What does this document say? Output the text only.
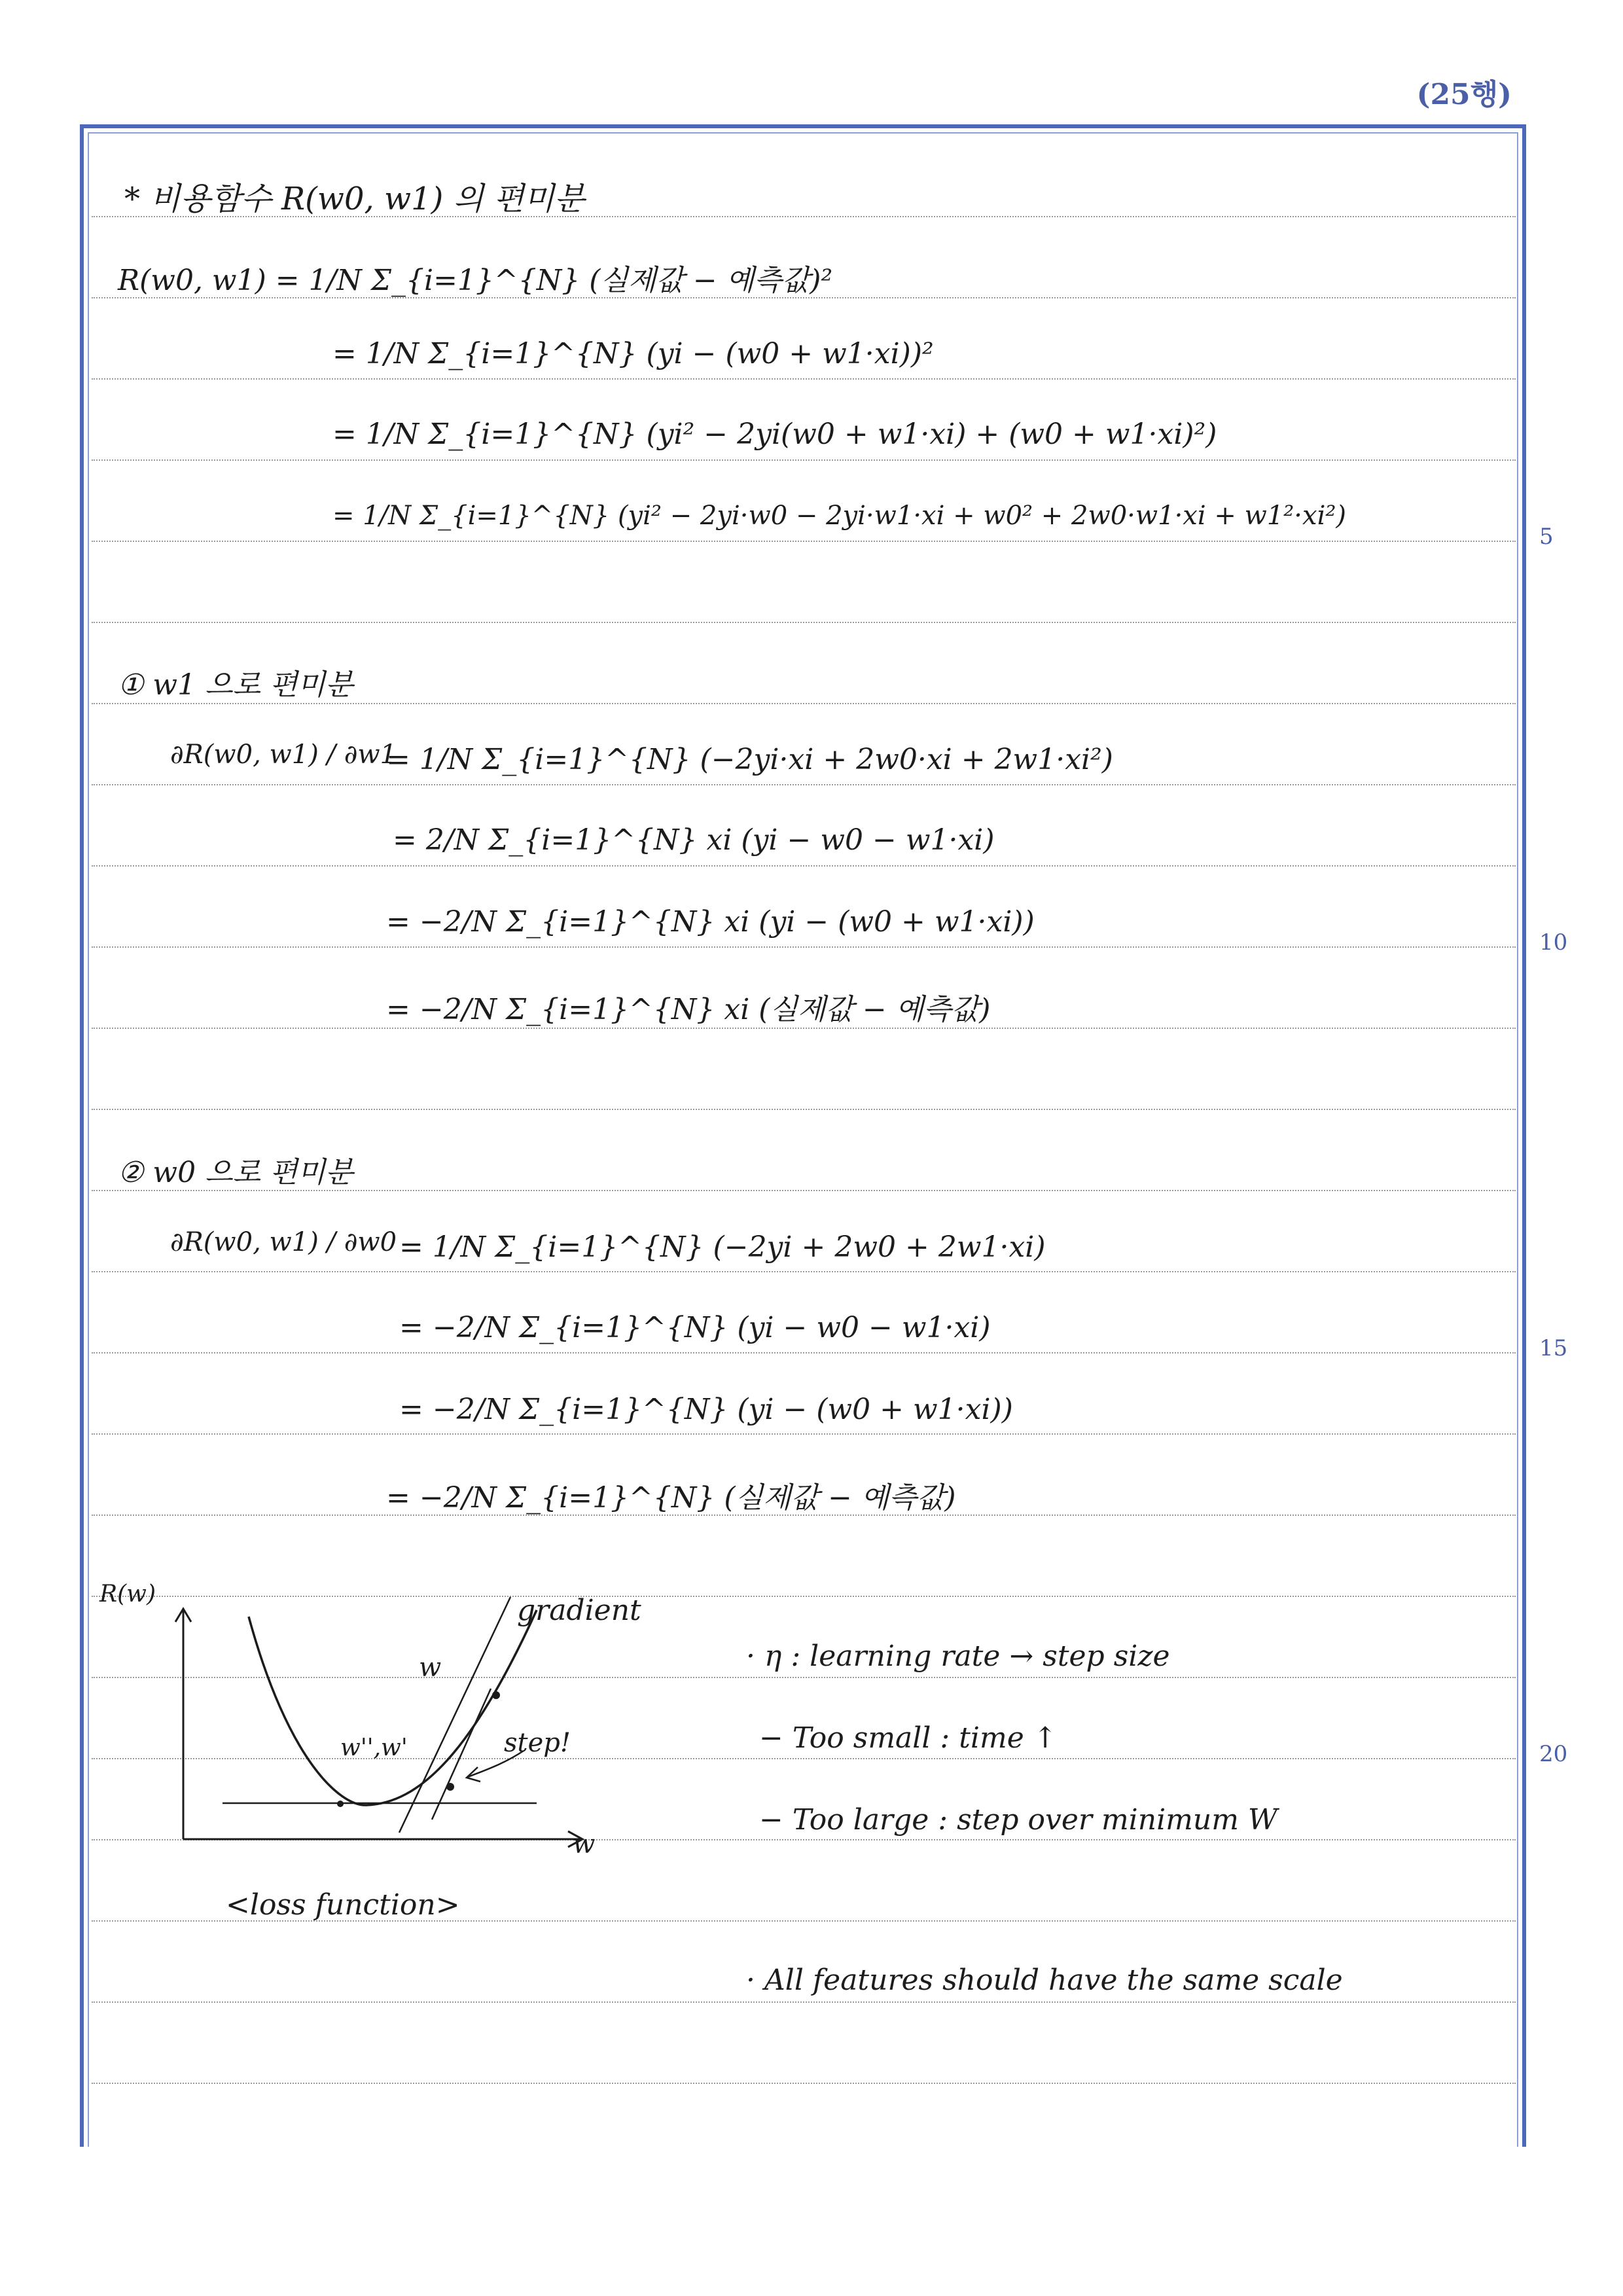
(25행)
5
10
15
20
* 비용함수 R(w0, w1) 의 편미분
R(w0, w1) = 1/N Σ_{i=1}^{N} (실제값 − 예측값)²
= 1/N Σ_{i=1}^{N} (yi − (w0 + w1·xi))²
= 1/N Σ_{i=1}^{N} (yi² − 2yi(w0 + w1·xi) + (w0 + w1·xi)²)
= 1/N Σ_{i=1}^{N} (yi² − 2yi·w0 − 2yi·w1·xi + w0² + 2w0·w1·xi + w1²·xi²)
① w1 으로 편미분
∂R(w0, w1) / ∂w1
= 1/N Σ_{i=1}^{N} (−2yi·xi + 2w0·xi + 2w1·xi²)
= 2/N Σ_{i=1}^{N} xi (yi − w0 − w1·xi)
= −2/N Σ_{i=1}^{N} xi (yi − (w0 + w1·xi))
= −2/N Σ_{i=1}^{N} xi (실제값 − 예측값)
② w0 으로 편미분
∂R(w0, w1) / ∂w0 = 1/N Σ_{i=1}^{N} (−2yi + 2w0 + 2w1·xi)
= −2/N Σ_{i=1}^{N} (yi − w0 − w1·xi)
= −2/N Σ_{i=1}^{N} (yi − (w0 + w1·xi))
= −2/N Σ_{i=1}^{N} (실제값 − 예측값)
R(w)
w
gradient
w
w'',w'	step!
<loss function>
· η : learning rate → step size
− Too small : time ↑
− Too large : step over minimum W
· All features should have the same scale
